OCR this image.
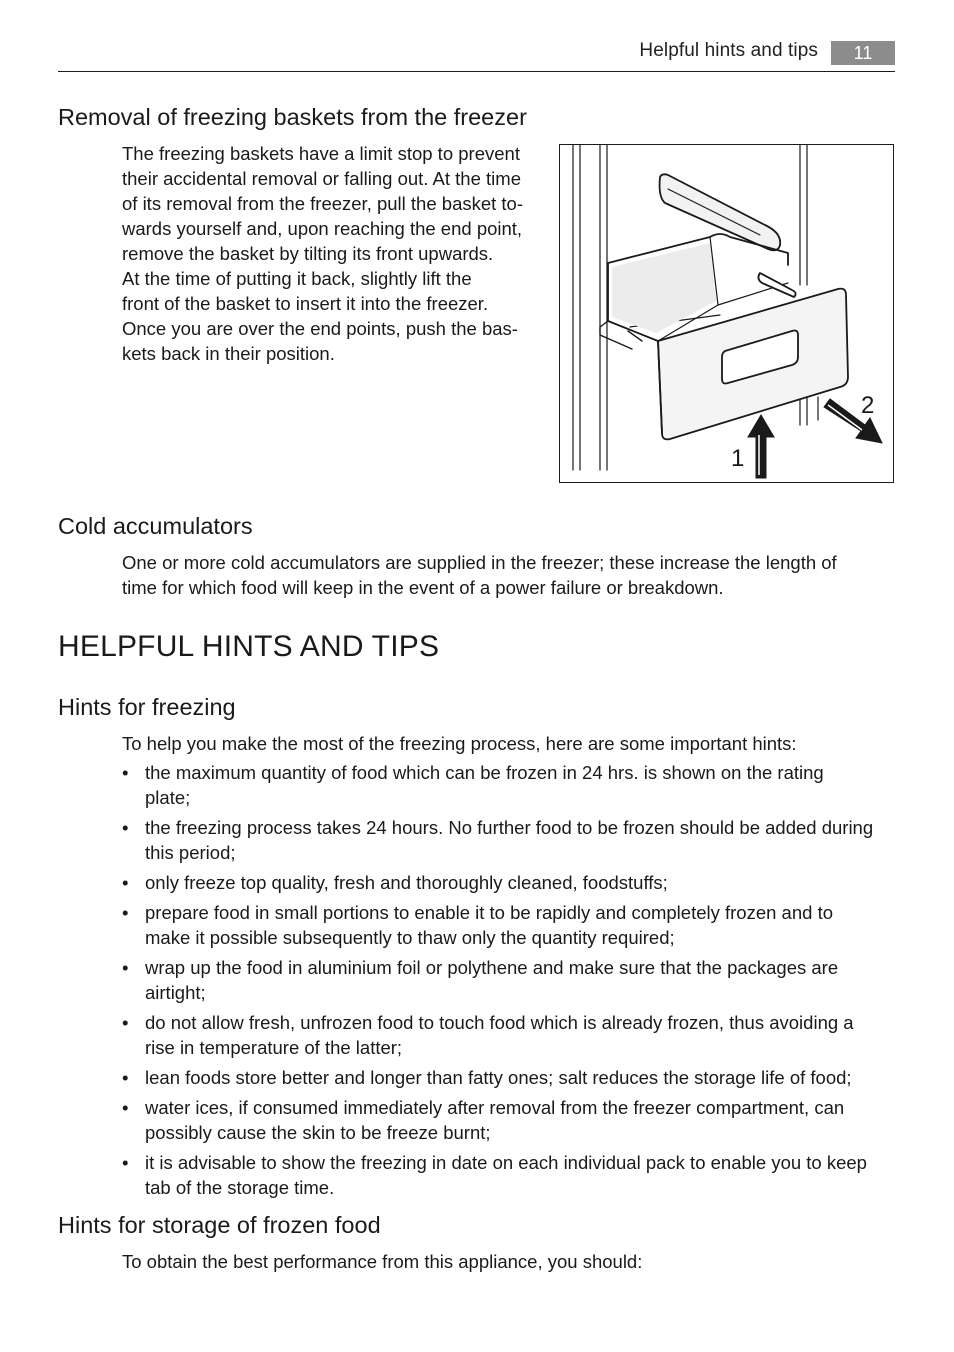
Helpful hints and tips	11
Removal of freezing baskets from the freezer

The freezing baskets have a limit stop to prevent
their accidental removal or falling out. At the time
of its removal from the freezer, pull the basket to-
wards yourself and, upon reaching the end point,
remove the basket by tilting its front upwards.
At the time of putting it back, slightly lift the
front of the basket to insert it into the freezer.
Once you are over the end points, push the bas-
kets back in their position.

1
2
Cold accumulators

One or more cold accumulators are supplied in the freezer; these increase the length of
time for which food will keep in the event of a power failure or breakdown.

HELPFUL HINTS AND TIPS
Hints for freezing

To help you make the most of the freezing process, here are some important hints:

• the maximum quantity of food which can be frozen in 24 hrs. is shown on the rating
plate;
• the freezing process takes 24 hours. No further food to be frozen should be added during
this period;
• only freeze top quality, fresh and thoroughly cleaned, foodstuffs;
• prepare food in small portions to enable it to be rapidly and completely frozen and to
make it possible subsequently to thaw only the quantity required;
• wrap up the food in aluminium foil or polythene and make sure that the packages are
airtight;
• do not allow fresh, unfrozen food to touch food which is already frozen, thus avoiding a
rise in temperature of the latter;
• lean foods store better and longer than fatty ones; salt reduces the storage life of food;
• water ices, if consumed immediately after removal from the freezer compartment, can
possibly cause the skin to be freeze burnt;
• it is advisable to show the freezing in date on each individual pack to enable you to keep
tab of the storage time.
Hints for storage of frozen food

To obtain the best performance from this appliance, you should:
